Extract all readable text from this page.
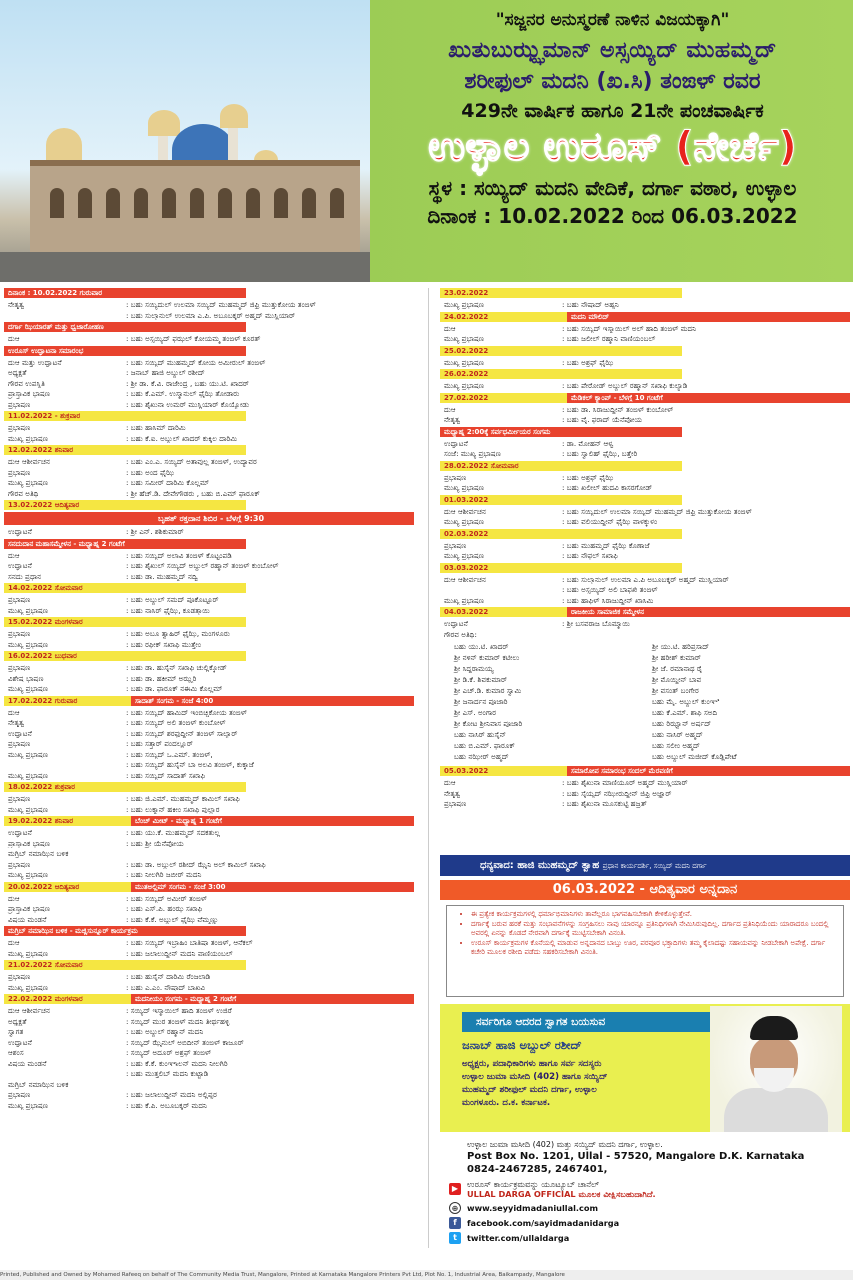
"ಸಜ್ಜನರ ಅನುಸ್ಮರಣೆ ನಾಳಿನ ವಿಜಯಕ್ಕಾಗಿ"
ಖುತುಬುಝ್ಝಮಾನ್ ಅಸ್ಸಯ್ಯಿದ್ ಮುಹಮ್ಮದ್
ಶರೀಫುಲ್ ಮದನಿ (ಖ.ಸಿ) ತಂಙಳ್ ರವರ
429ನೇ ವಾರ್ಷಿಕ ಹಾಗೂ 21ನೇ ಪಂಚವಾರ್ಷಿಕ
ಉಳ್ಳಾಲ ಉರೂಸ್ (ನೇರ್ಚೆ)
ಸ್ಥಳ : ಸಯ್ಯಿದ್ ಮದನಿ ವೇದಿಕೆ, ದರ್ಗಾ ವಠಾರ, ಉಳ್ಳಾಲ
ದಿನಾಂಕ : 10.02.2022 ರಿಂದ 06.03.2022
ದಿನಾಂಕ : 10.02.2022 ಗುರುವಾರ
ನೇತೃತ್ವ	: ಬಹು ಸಯ್ಯಿದುಲ್ ಉಲಮಾ ಸಯ್ಯಿದ್ ಮುಹಮ್ಮದ್ ಜಿಫ್ರಿ ಮುತ್ತುಕೋಯ ತಂಙಳ್
: ಬಹು ಸುಲ್ತಾನುಲ್ ಉಲಮಾ ಎ.ಪಿ. ಅಬೂಬಕ್ಕರ್ ಅಹ್ಮದ್ ಮುಸ್ಲಿಯಾರ್
ದರ್ಗಾ ಝಿಯಾರತ್ ಮತ್ತು ಧ್ವಜಾರೋಹಣ
ದುಆ	: ಬಹು ಅಸ್ಸಯ್ಯಿದ್ ಫಝಲ್ ಕೋಯಮ್ಮ ತಂಙಳ್ ಕೂರತ್
ಉರೂಸ್ ಉದ್ಘಾಟನಾ ಸಮಾರಂಭ
ದುಆ ಮತ್ತು ಉದ್ಘಾಟನೆ	: ಬಹು ಸಯ್ಯಿದ್ ಮುಹಮ್ಮದ್ ಕೋಯ ಅಮೀರುಲ್ ತಂಙಳ್
ಅಧ್ಯಕ್ಷತೆ	: ಜನಾಬ್ ಹಾಜಿ ಅಬ್ದುಲ್ ರಶೀದ್
ಗೌರವ ಉಪಸ್ಥಿತಿ	: ಶ್ರೀ ಡಾ. ಕೆ.ವಿ. ರಾಜೇಂದ್ರ , ಬಹು ಯು.ಟಿ. ಖಾದರ್
ಪ್ರಾಸ್ತಾವಿಕ ಭಾಷಣ	: ಬಹು ಕೆ.ಎಮ್. ಉಸ್ಮಾನುಲ್ ಫೈಝಿ ತೋಡಾರು
ಪ್ರಭಾಷಣ	: ಬಹು ಶೈಖುನಾ ಉಮರ್ ಮುಸ್ಲಿಯಾರ್ ಕೊಯ್ಯೋಡು
11.02.2022 - ಶುಕ್ರವಾರ
ಪ್ರಭಾಷಣ	: ಬಹು ಹಾಸಿಮ್ ದಾರಿಮಿ
ಮುಖ್ಯ ಪ್ರಭಾಷಣ	: ಬಹು ಕೆ.ಐ. ಅಬ್ದುಲ್ ಖಾದರ್ ಕುಕ್ಕಿಲ ದಾರಿಮಿ
12.02.2022 ಶನಿವಾರ
ದುಆ ಆಶೀರ್ವಚನ	: ಬಹು ಎಂ.ಎ. ಸಯ್ಯಿದ್ ಅತಾವುಲ್ಲ ತಂಙಳ್, ಉದ್ಯಾವರ
ಪ್ರಭಾಷಣ	: ಬಹು ಅಂದ ಫೈಝಿ
ಮುಖ್ಯ ಪ್ರಭಾಷಣ	: ಬಹು ಸಮೀರ್ ದಾರಿಮಿ ಕೊಲ್ಲಮ್
ಗೌರವ ಅತಿಥಿ	: ಶ್ರೀ ಹೆಚ್.ಡಿ. ದೇವೇಗೌಡರು , ಬಹು ಬಿ.ಎಮ್ ಫಾರೂಕ್
13.02.2022 ಆದಿತ್ಯವಾರ
ಬೃಹತ್ ರಕ್ತದಾನ ಶಿಬಿರ - ಬೆಳಗ್ಗೆ 9:30
ಉದ್ಘಾಟನೆ	: ಶ್ರೀ ಎನ್. ಶಶಿಕುಮಾರ್
ಸನದುದಾನ ಮಹಾಸಮ್ಮೇಳನ - ಮಧ್ಯಾಹ್ನ 2 ಗಂಟೆಗೆ
ದುಆ	: ಬಹು ಸಯ್ಯಿದ್ ಅಲಾವಿ ತಂಙಳ್ ಕೊಟ್ಟಂಪಡಿ
ಉದ್ಘಾಟನೆ	: ಬಹು ಶೈಖುಲ್ ಸಯ್ಯಿದ್ ಅಬ್ದುಲ್ ರಹ್ಮಾನ್ ತಂಙಳ್ ಕುಂಬೋಳ್
ಸನದು ಪ್ರಧಾನ	: ಬಹು ಡಾ. ಮುಹಮ್ಮದ್ ನದ್ವಿ
14.02.2022 ಸೋಮವಾರ
ಪ್ರಭಾಷಣ	: ಬಹು ಅಬ್ದುಲ್ ಸಮದ್ ಪೂಕೊಟ್ಟೂರ್
ಮುಖ್ಯ ಪ್ರಭಾಷಣ	: ಬಹು ನಾಸಿರ್ ಫೈಝಿ, ಕೂಡತ್ತಾಯಿ
15.02.2022 ಮಂಗಳವಾರ
ಪ್ರಭಾಷಣ	: ಬಹು ಅಬೂ ತ್ವಾಹಿರ್ ಫೈಝಿ, ಮಂಗಳೂರು
ಮುಖ್ಯ ಪ್ರಭಾಷಣ	: ಬಹು ರಫೀಕ್ ಸಖಾಫಿ ಮುತ್ತೇಂ
16.02.2022 ಬುಧವಾರ
ಪ್ರಭಾಷಣ	: ಬಹು ಡಾ. ಹುಸೈನ್ ಸಖಾಫಿ ಚುಲ್ಲಿಕ್ಕೋಡ್
ವಿಶೇಷ ಭಾಷಣ	: ಬಹು ಡಾ. ಹಕೀಮ್ ಅಝ್ಹರಿ
ಮುಖ್ಯ ಪ್ರಭಾಷಣ	: ಬಹು ಡಾ. ಫಾರೂಕ್ ನಈಮಿ ಕೊಲ್ಲಮ್
17.02.2022 ಗುರುವಾರ	ಸಾದಾತ್ ಸಂಗಮ - ಸಂಜೆ 4:00
ದುಆ	: ಬಹು ಸಯ್ಯಿದ್ ಹಾಮಿದ್ ಇಂಬಿಚ್ಚಿಕೋಯ ತಂಙಳ್
ನೇತೃತ್ವ	: ಬಹು ಸಯ್ಯಿದ್ ಅಲಿ ತಂಙಳ್ ಕುಂಬೋಳ್
ಉದ್ಘಾಟನೆ	: ಬಹು ಸಯ್ಯಿದ್ ಶರಫುದ್ದೀನ್ ತಂಙಳ್ ಸಾಲ್ಯಾರ್
ಪ್ರಭಾಷಣ	: ಬಹು ಸತ್ತಾರ್ ಪಂದಲ್ಲೂರ್
ಮುಖ್ಯ ಪ್ರಭಾಷಣ	: ಬಹು ಸಯ್ಯಿದ್ ಒ.ಎಮ್. ತಂಙಳ್,
: ಬಹು ಸಯ್ಯಿದ್ ಹುಸೈನ್ ಬಾ ಅಲವಿ ತಂಙಳ್, ಕುಕ್ಕಾಜೆ
ಮುಖ್ಯ ಪ್ರಭಾಷಣ	: ಬಹು ಸಯ್ಯಿದ್ ಸಾದಾತ್ ಸಖಾಫಿ
18.02.2022 ಶುಕ್ರವಾರ
ಪ್ರಭಾಷಣ	: ಬಹು ಜಿ.ಎಮ್. ಮುಹಮ್ಮದ್ ಕಾಮಿಲ್ ಸಖಾಫಿ
ಮುಖ್ಯ ಪ್ರಭಾಷಣ	: ಬಹು ಲುಕ್ಮಾನ್ ಹಕೀಂ ಸಖಾಫಿ ಪುಲ್ಲಾರ
19.02.2022 ಶನಿವಾರ	ಬೆಂಚ್ ಮೀಟ್ - ಮಧ್ಯಾಹ್ನ 1 ಗಂಟೆಗೆ
ಉದ್ಘಾಟನೆ	: ಬಹು ಯು.ಕೆ. ಮುಹಮ್ಮದ್ ಸದಕತುಲ್ಲ
ಪ್ರಾಸ್ತಾವಿಕ ಭಾಷಣ	: ಬಹು ಶ್ರೀ ಯೆನೆಪೋಯ
ಮಗ್ರಿಬ್ ನಮಾಝಿನ ಬಳಿಕ
ಪ್ರಭಾಷಣ	: ಬಹು ಡಾ. ಅಬ್ದುಲ್ ರಶೀದ್ ಝೈನಿ ಅಲ್ ಕಾಮಿಲ್ ಸಖಾಫಿ
ಮುಖ್ಯ ಪ್ರಭಾಷಣ	: ಬಹು ನೀಲಗಿರಿ ಜಬೀರ್ ಮದನಿ
20.02.2022 ಆದಿತ್ಯವಾರ	ಮುತಅಲ್ಲಿಮ್ ಸಂಗಮ - ಸಂಜೆ 3:00
ದುಆ	: ಬಹು ಸಯ್ಯಿದ್ ಅಮೀರ್ ತಂಙಳ್
ಪ್ರಾಸ್ತಾವಿಕ ಭಾಷಣ	: ಬಹು ಎಸ್.ಪಿ. ಹಂಝ ಸಖಾಫಿ
ವಿಷಯ ಮಂಡನೆ	: ಬಹು ಕೆ.ಕೆ. ಅಬ್ದುಲ್ ಫೈಝಿ ವೆಮ್ಮಣ್ಣು
ಮಗ್ರಿಬ್ ನಮಾಝಿನ ಬಳಿಕ - ಮಜ್ಲಿಸುನ್ನೂರ್ ಕಾರ್ಯಕ್ರಮ
ದುಆ	: ಬಹು ಸಯ್ಯಿದ್ ಇಬ್ರಾಹಿಂ ಬಾತಿಷಾ ತಂಙಳ್, ಆನೆಕಲ್
ಮುಖ್ಯ ಪ್ರಭಾಷಣ	: ಬಹು ಜಲಾಲುದ್ದೀನ್ ಮದನಿ ವಾಣಿಯಂಬಲ್
21.02.2022 ಸೋಮವಾರ
ಪ್ರಭಾಷಣ	: ಬಹು ಹುಸೈನ್ ದಾರಿಮಿ ರೆಂಜಲಾಡಿ
ಮುಖ್ಯ ಪ್ರಭಾಷಣ	: ಬಹು ಎ.ಎಂ. ನೌಷಾದ್ ಬಾಖವಿ
22.02.2022 ಮಂಗಳವಾರ	ಮದನೀಯಂ ಸಂಗಮ - ಮಧ್ಯಾಹ್ನ 2 ಗಂಟೆಗೆ
ದುಆ ಆಶೀರ್ವಚನ	: ಸಯ್ಯಿದ್ ಇಸ್ಮಾಯಿಲ್ ಹಾದಿ ತಂಙಳ್ ಉಜಿರೆ
ಅಧ್ಯಕ್ಷತೆ	: ಸಯ್ಯಿದ್ ಮುರ ತಂಙಳ್ ಮದನಿ ತೀರ್ಥಹಳ್ಳಿ
ಸ್ವಾಗತ	: ಬಹು ಅಬ್ದುಲ್ ರಹ್ಮಾನ್ ಮದನಿ
ಉದ್ಘಾಟನೆ	: ಸಯ್ಯಿದ್ ಝೈನುಲ್ ಅಬಿದೀನ್ ತಂಙಳ್ ಕಾಜೂರ್
ಆಶಂಸ	: ಸಯ್ಯಿದ್ ಅದೂರ್ ಅಶ್ರಫ್ ತಂಙಳ್
ವಿಷಯ ಮಂಡನೆ	: ಬಹು ಕೆ.ಕೆ. ಕುಂಞಾಲನ್ ಮದನಿ ನೀಲಗಿರಿ
: ಬಹು ಮುತ್ತಲಿಬ್ ಮದನಿ ಕುಟ್ಟಾಡಿ
ಮಗ್ರಿಬ್ ನಮಾಝಿನ ಬಳಿಕ
ಪ್ರಭಾಷಣ	: ಬಹು ಜಲಾಲುದ್ದೀನ್ ಮದನಿ ಅಲ್ಲಿಪ್ಪರ
ಮುಖ್ಯ ಪ್ರಭಾಷಣ	: ಬಹು ಕೆ.ಪಿ. ಅಬೂಬಕ್ಕರ್ ಮದನಿ
23.02.2022
ಮುಖ್ಯ ಪ್ರಭಾಷಣ	: ಬಹು ನೌಷಾದ್ ಅಹ್ಸನಿ
24.02.2022	ಮದನಿ ಮೌಲಿದ್
ದುಆ	: ಬಹು ಸಯ್ಯಿದ್ ಇಸ್ಮಾಯಿಲ್ ಅಲ್ ಹಾದಿ ತಂಙಳ್ ಮದನಿ
ಮುಖ್ಯ ಪ್ರಭಾಷಣ	: ಬಹು ಜಲೀಲ್ ರಹ್ಮಾನಿ ವಾಣಿಯಂಬಲ್
25.02.2022
ಮುಖ್ಯ ಪ್ರಭಾಷಣ	: ಬಹು ಅಶ್ರಫ್ ಫೈಝಿ
26.02.2022
ಮುಖ್ಯ ಪ್ರಭಾಷಣ	: ಬಹು ಪೇರೋಡ್ ಅಬ್ದುಲ್ ರಹ್ಮಾನ್ ಸಖಾಫಿ ಕುಲ್ಯಾಡಿ
27.02.2022	ಮೆಡಿಕಲ್ ಕ್ಯಾಂಪ್ - ಬೆಳಗ್ಗೆ 10 ಗಂಟೆಗೆ
ದುಆ	: ಬಹು ಡಾ. ಸಿರಾಜುದ್ದೀನ್ ತಂಙಳ್ ಕುಂಬೋಳ್
ನೇತೃತ್ವ	: ಬಹು ವೈ. ಫರಾದ್ ಯೆನೆಪೋಯ
ಮಧ್ಯಾಹ್ನ 2:00ಕ್ಕೆ ಸರ್ವಧರ್ಮೀಯರ ಸಂಗಮ
ಉದ್ಘಾಟನೆ	: ಡಾ. ಮೋಹನ್ ಆಳ್ವ
ಸಂಜೆ: ಮುಖ್ಯ ಪ್ರಭಾಷಣ	: ಬಹು ಸ್ವಾಲಿಹ್ ಫೈಝಿ, ಬತ್ತೇರಿ
28.02.2022 ಸೋಮವಾರ
ಪ್ರಭಾಷಣ	: ಬಹು ಅಶ್ರಫ್ ಫೈಝಿ
ಮುಖ್ಯ ಪ್ರಭಾಷಣ	: ಬಹು ಖಲೀಲ್ ಹುದವಿ ಕಾಸರಗೋಡ್
01.03.2022
ದುಆ ಆಶೀರ್ವಚನ	: ಬಹು ಸಯ್ಯಿದುಲ್ ಉಲಮಾ ಸಯ್ಯಿದ್ ಮುಹಮ್ಮದ್ ಜಿಫ್ರಿ ಮುತ್ತುಕೋಯ ತಂಙಳ್
ಮುಖ್ಯ ಪ್ರಭಾಷಣ	: ಬಹು ವಲಿಯುದ್ದೀನ್ ಫೈಝಿ ವಾಳಕ್ಕುಳಂ
02.03.2022
ಪ್ರಭಾಷಣ	: ಬಹು ಮುಹಮ್ಮದ್ ಫೈಝಿ ಕೊಣಾಜೆ
ಮುಖ್ಯ ಪ್ರಭಾಷಣ	: ಬಹು ನೌಫಲ್ ಸಖಾಫಿ
03.03.2022
ದುಆ ಆಶೀರ್ವಚನ	: ಬಹು ಸುಲ್ತಾನುಲ್ ಉಲಮಾ ಎ.ಪಿ ಅಬೂಬಕ್ಕರ್ ಅಹ್ಮದ್ ಮುಸ್ಲಿಯಾರ್
: ಬಹು ಅಸ್ಸಯ್ಯಿದ್ ಅಲಿ ಬಾಫಖಿ ತಂಙಳ್
ಮುಖ್ಯ ಪ್ರಭಾಷಣ	: ಬಹು ಹಾಫಿಳ್ ಸಿರಾಜುದ್ದೀನ್ ಖಾಸಿಮಿ
04.03.2022	ರಾಜಕೀಯ ಸಾಮಾಜಿಕ ಸಮ್ಮೇಳನ
ಉದ್ಘಾಟನೆ	: ಶ್ರೀ ಬಸವರಾಜ ಬೊಮ್ಮಾಯಿ
ಗೌರವ ಅತಿಥಿ:
ಬಹು ಯು.ಟಿ. ಖಾದರ್
ಶ್ರೀ ನಳಿನ್ ಕುಮಾರ್ ಕಟೀಲು
ಶ್ರೀ ಸಿದ್ದರಾಮಯ್ಯ
ಶ್ರೀ ಡಿ.ಕೆ. ಶಿವಕುಮಾರ್
ಶ್ರೀ ಎಚ್.ಡಿ. ಕುಮಾರ ಸ್ವಾಮಿ
ಶ್ರೀ ಜನಾರ್ದನ ಪೂಜಾರಿ
ಶ್ರೀ ಎಸ್. ಅಂಗಾರ
ಶ್ರೀ ಕೋಟ ಶ್ರೀನಿವಾಸ ಪೂಜಾರಿ
ಬಹು ನಾಸಿರ್ ಹುಸೈನ್
ಬಹು ಬಿ.ಎಮ್. ಫಾರೂಕ್
ಬಹು ನಝೀರ್ ಅಹ್ಮದ್
ಶ್ರೀ ಯು.ಟಿ. ಹರಿಪ್ರಸಾದ್
ಶ್ರೀ ಹರೀಶ್ ಕುಮಾರ್
ಶ್ರೀ ಜೆ. ರಮಾನಾಥ ರೈ
ಶ್ರೀ ಮೊಯ್ದೀನ್ ಬಾವ
ಶ್ರೀ ವಸಂತ್ ಬಂಗೇರ
ಬಹು ಮೈ. ಅಬ್ದುಲ್ ಕುಂಞಿ
ಬಹು ಕೆ.ಎಮ್. ಶಾಫಿ ಸಅದಿ
ಬಹು ರಿಝ್ವಾನ್ ಅರ್ಷದ್
ಬಹು ನಾಸಿರ್ ಅಹ್ಮದ್
ಬಹು ಸಲೀಂ ಅಹ್ಮದ್
ಬಹು ಅಬ್ದುಲ್ ಮಜೀದ್ ಕೊಡ್ಲಿಪೇಟೆ
05.03.2022	ಸಮಾರೋಪ ಸಮಾರಂಭ ಸಂದಲ್ ಮೆರವಣಿಗೆ
ದುಆ	: ಬಹು ಶೈಖುನಾ ಮಾಣಿಯೂರ್ ಅಹ್ಮದ್ ಮುಸ್ಲಿಯಾರ್
ನೇತೃತ್ವ	: ಬಹು ಸೈಯ್ಯದ್ ನಝೀರುದ್ದೀನ್ ಜಿಫ್ರಿ ಅಜ್ಞಾರ್
ಪ್ರಭಾಷಣ	: ಬಹು ಶೈಖುನಾ ಮೂಸಕುಟ್ಟಿ ಹಜ್ರತ್
ಧನ್ಯವಾದ: ಹಾಜಿ ಮುಹಮ್ಮದ್ ತ್ವಾಹ ಪ್ರಧಾನ ಕಾರ್ಯದರ್ಶಿ, ಸಯ್ಯಿದ್ ಮದನಿ ದರ್ಗಾ
06.03.2022 - ಆದಿತ್ಯವಾರ ಅನ್ನದಾನ
• ಈ ಪ್ರತ್ಯೇಕ ಕಾರ್ಯಕ್ರಮಗಳಲ್ಲಿ ಧರ್ಮಾಭಿಮಾನಿಗಳು ತಾವೆಲ್ಲರೂ ಭಾಗವಹಿಸಬೇಕಾಗಿ ಕೇಳಿಕೊಳ್ಳುತ್ತೇವೆ.
• ದರ್ಗಾಕ್ಕೆ ಬರುವ ಹರಕೆ ಮತ್ತು ಸಂಭಾವನೆಗಳನ್ನು ಸಂಗ್ರಹಿಸಲು ನಾವು ಯಾರನ್ನೂ ಪ್ರತಿನಿಧಿಗಳಾಗಿ ನೇಮಿಸಿರುವುದಿಲ್ಲ. ದರ್ಗಾದ ಪ್ರತಿನಿಧಿಯೆಂದು ಯಾರಾದರೂ ಬಂದಲ್ಲಿ ಅವರಲ್ಲಿ ಏನನ್ನು ಕೊಡದೆ ನೇರವಾಗಿ ದರ್ಗಾಕ್ಕೆ ಮುಟ್ಟಿಸಬೇಕಾಗಿ ವಿನಂತಿ.
• ಉರೂಸ್ ಕಾರ್ಯಕ್ರಮಗಳ ಕೊನೆಯಲ್ಲಿ ಮಾಡುವ ಅನ್ನದಾನದ ಬಾಬ್ತು ಊರ, ಪರವೂರ ಭಕ್ತಾದಿಗಳು ತಮ್ಮ ಕೈಲಾದಷ್ಟು ಸಹಾಯವನ್ನು ನೀಡಬೇಕಾಗಿ ಅಪೇಕ್ಷೆ. ದರ್ಗಾ ಕಚೇರಿ ಮೂಲಕ ರಶೀದಿ ಪಡೆದು ಸಹಕರಿಸಬೇಕಾಗಿ ವಿನಂತಿ.
ಸರ್ವರಿಗೂ ಆದರದ ಸ್ವಾಗತ ಬಯಸುವ
ಜನಾಬ್ ಹಾಜಿ ಅಬ್ದುಲ್ ರಶೀದ್
ಅಧ್ಯಕ್ಷರು, ಪದಾಧಿಕಾರಿಗಳು ಹಾಗೂ ಸರ್ವ ಸದಸ್ಯರು
ಉಳ್ಳಾಲ ಜುಮಾ ಮಸೀದಿ (402) ಹಾಗೂ ಸಯ್ಯಿದ್
ಮುಹಮ್ಮದ್ ಶರೀಫುಲ್ ಮದನಿ ದರ್ಗಾ, ಉಳ್ಳಾಲ
ಮಂಗಳೂರು. ದ.ಕ. ಕರ್ನಾಟಕ.
ಉಳ್ಳಾಲ ಜುಮಾ ಮಸೀದಿ (402) ಮತ್ತು ಸಯ್ಯಿದ್ ಮದನಿ ದರ್ಗಾ, ಉಳ್ಳಾಲ.
Post Box No. 1201, Ullal - 57520, Mangalore D.K. Karnataka
0824-2467285, 2467401,
▶	ಉರೂಸ್ ಕಾರ್ಯಕ್ರಮವನ್ನು ಯೂಟ್ಯೂಬ್ ಚಾನೆಲ್
ULLAL DARGA OFFICIAL ಮೂಲಕ ವೀಕ್ಷಿಸಬಹುದಾಗಿದೆ.
⊕	www.seyyidmadaniullal.com
f	facebook.com/sayidmadanidarga
t	twitter.com/ullaldarga
Printed, Published and Owned by Mohamed Rafeeq on behalf of The Community Media Trust, Mangalore, Printed at Karnataka Mangalore Printers Pvt Ltd, Plot No. 1, Industrial Area, Baikampady, Mangalore
